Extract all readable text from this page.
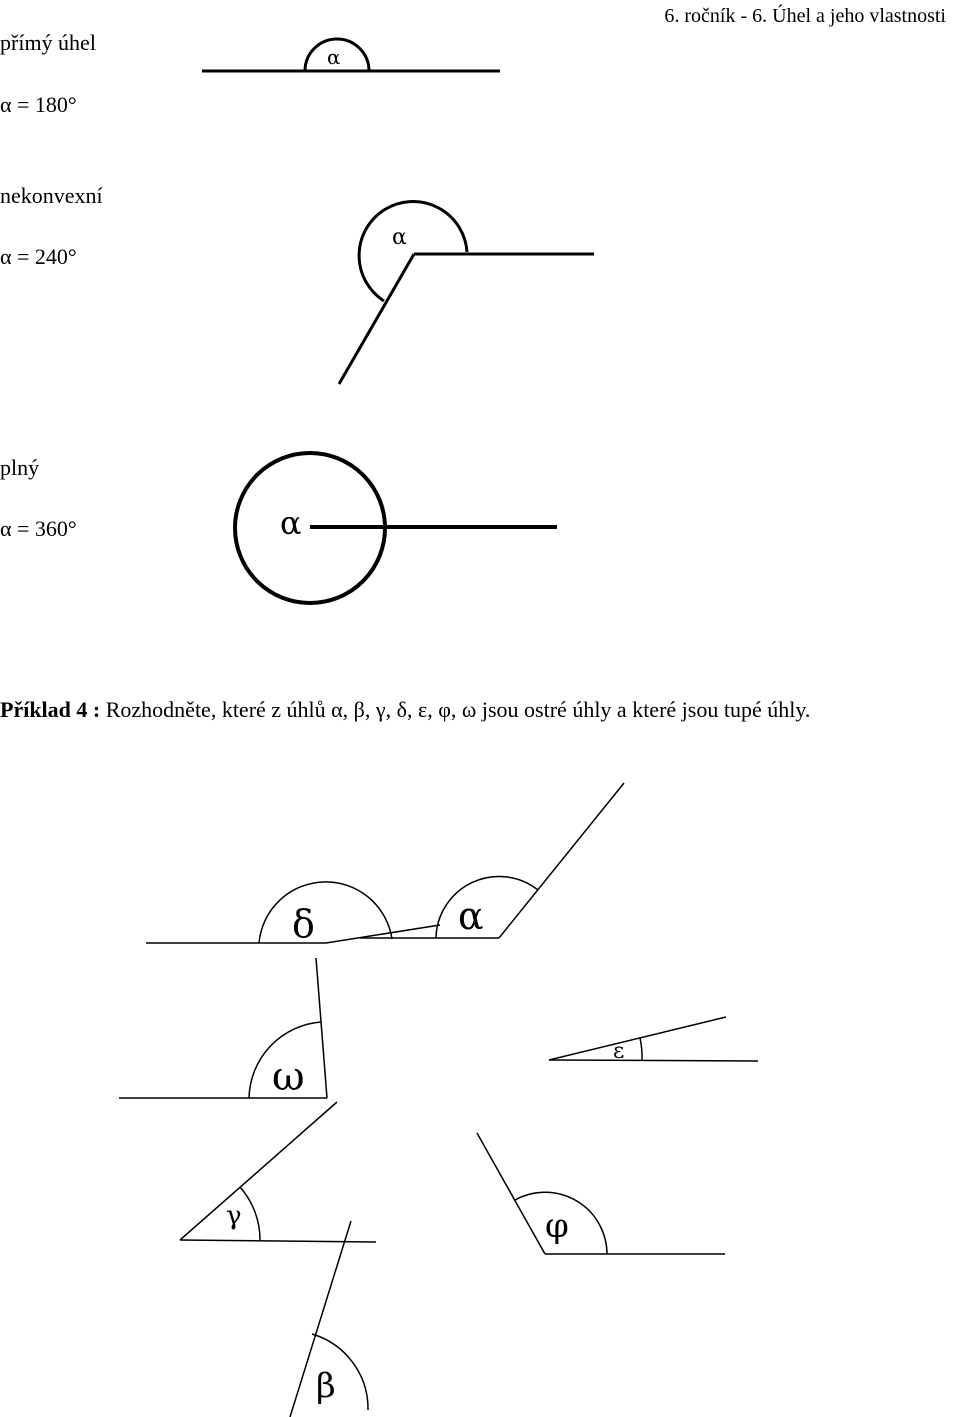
6. ročník - 6. Úhel a jeho vlastnosti
přímý úhel
α = 180°
nekonvexní
α = 240°
plný
α = 360°
Příklad 4 : Rozhodněte, které z úhlů α, β, γ, δ, ε, φ, ω jsou ostré úhly a které jsou tupé úhly.
α
α
α
δ	α
ω
ε
γ	φ
β
